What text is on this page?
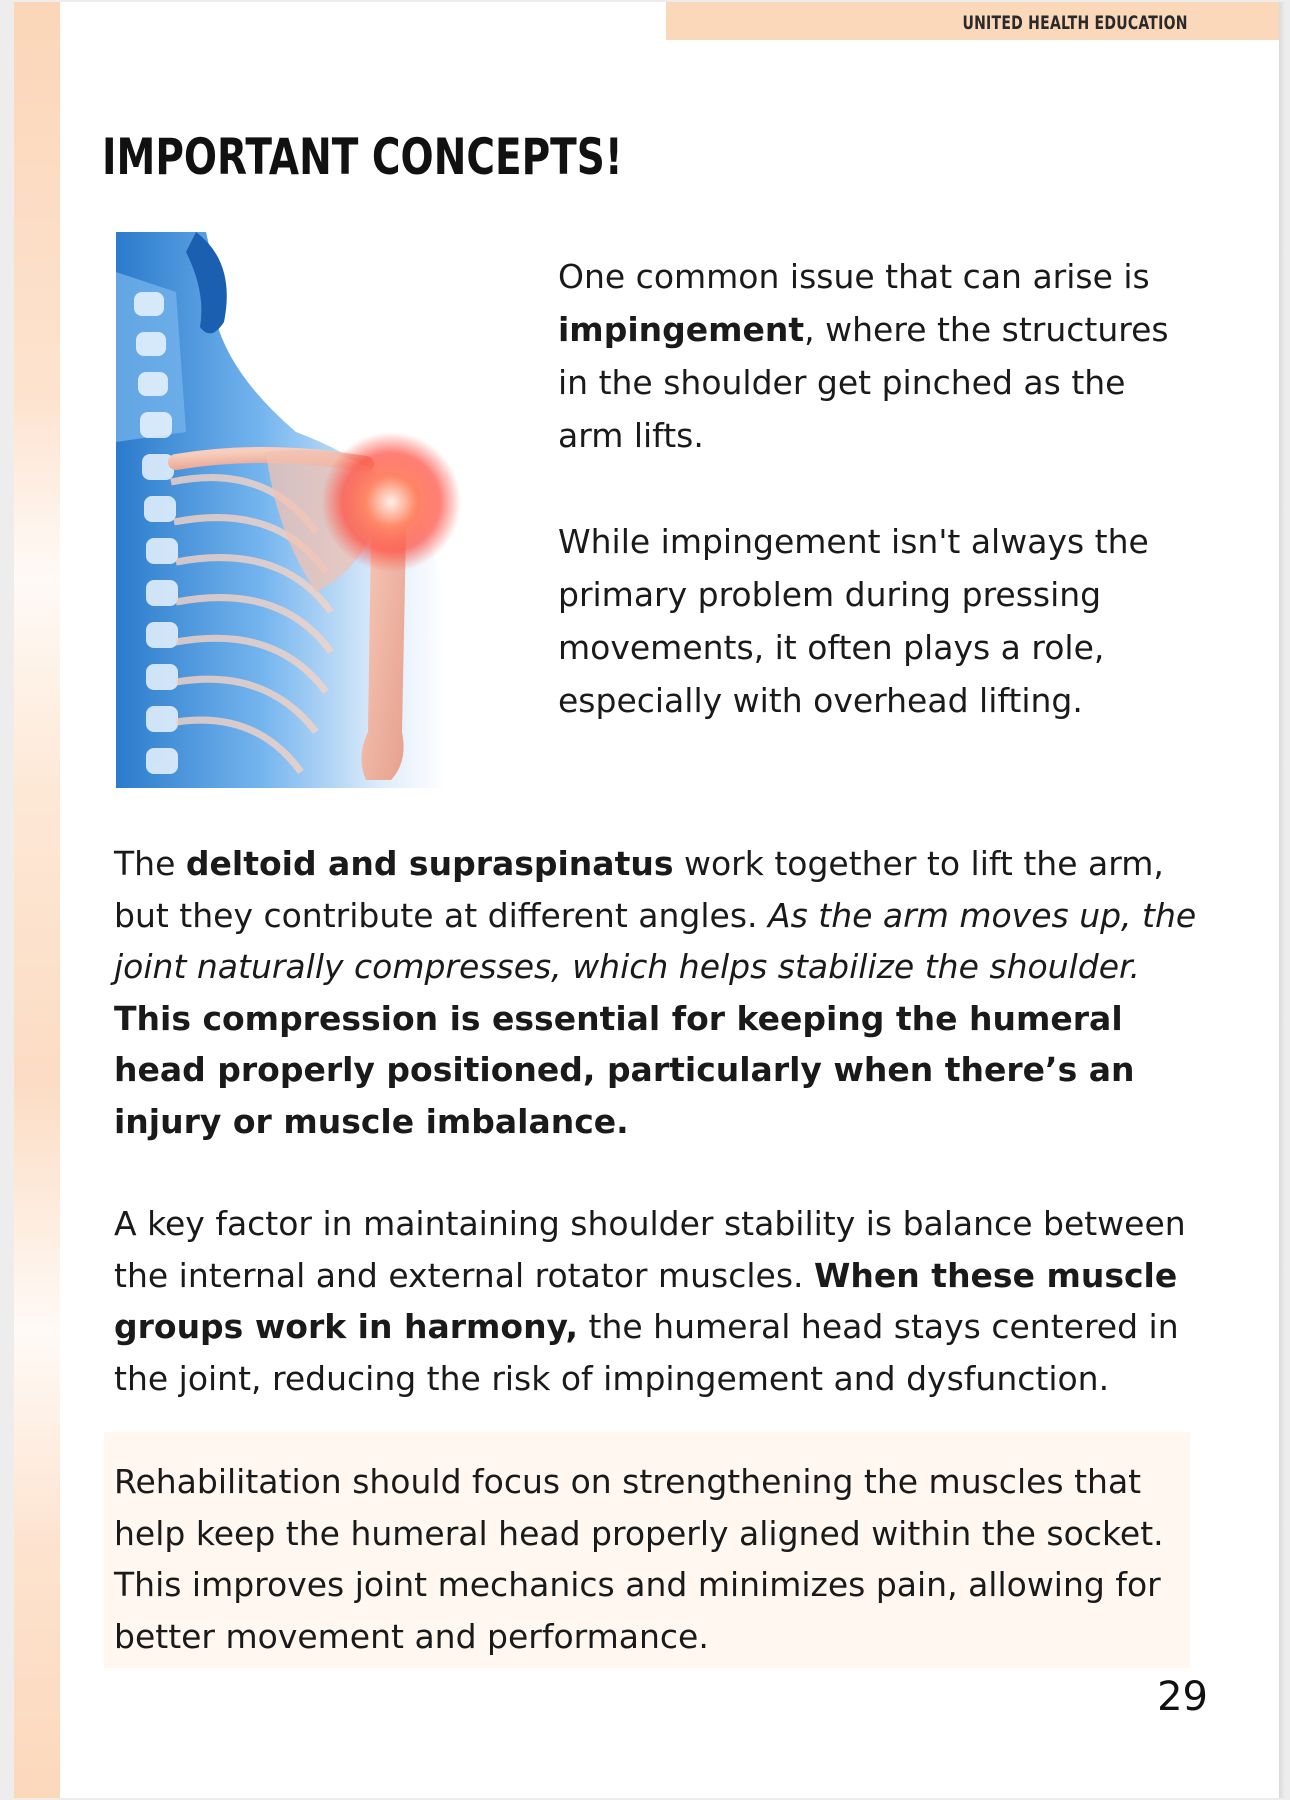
UNITED HEALTH EDUCATION
IMPORTANT CONCEPTS!

One common issue that can arise is impingement, where the structures in the shoulder get pinched as the arm lifts.

While impingement isn't always the primary problem during pressing movements, it often plays a role, especially with overhead lifting.

The deltoid and supraspinatus work together to lift the arm, but they contribute at different angles. As the arm moves up, the joint naturally compresses, which helps stabilize the shoulder. This compression is essential for keeping the humeral head properly positioned, particularly when there’s an injury or muscle imbalance.

A key factor in maintaining shoulder stability is balance between the internal and external rotator muscles. When these muscle groups work in harmony, the humeral head stays centered in the joint, reducing the risk of impingement and dysfunction.

Rehabilitation should focus on strengthening the muscles that help keep the humeral head properly aligned within the socket. This improves joint mechanics and minimizes pain, allowing for better movement and performance.

29
